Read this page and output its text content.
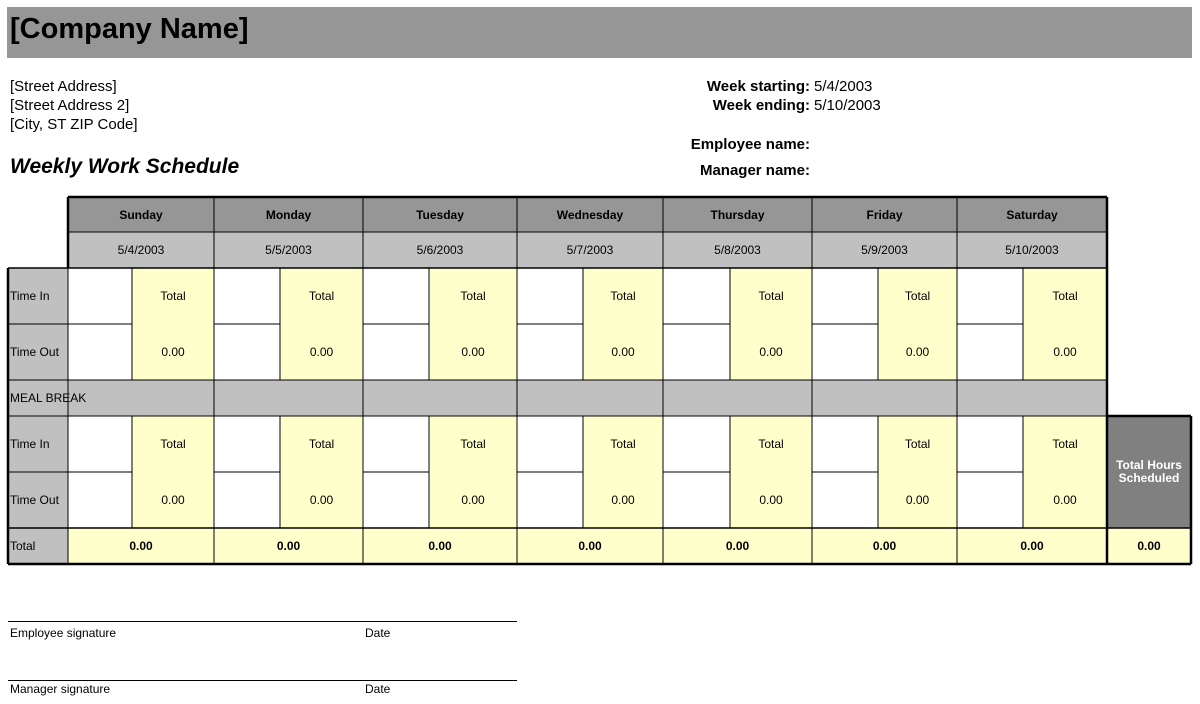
[Company Name]
[Street Address]
[Street Address 2]
[City, ST ZIP Code]
Weekly Work Schedule
Week starting: 5/4/2003
Week ending: 5/10/2003
Employee name:
Manager name:
Sunday
5/4/2003
Total
0.00
Total
0.00
0.00
Monday
5/5/2003
Total
0.00
Total
0.00
0.00
Tuesday
5/6/2003
Total
0.00
Total
0.00
0.00
Wednesday
5/7/2003
Total
0.00
Total
0.00
0.00
Thursday
5/8/2003
Total
0.00
Total
0.00
0.00
Friday
5/9/2003
Total
0.00
Total
0.00
0.00
Saturday
5/10/2003
Total
0.00
Total
0.00
0.00
Time In
Time Out
Time In
Time Out
MEAL BREAK
Total
Total Hours Scheduled
0.00
Employee signature	Date
Manager signature	Date
